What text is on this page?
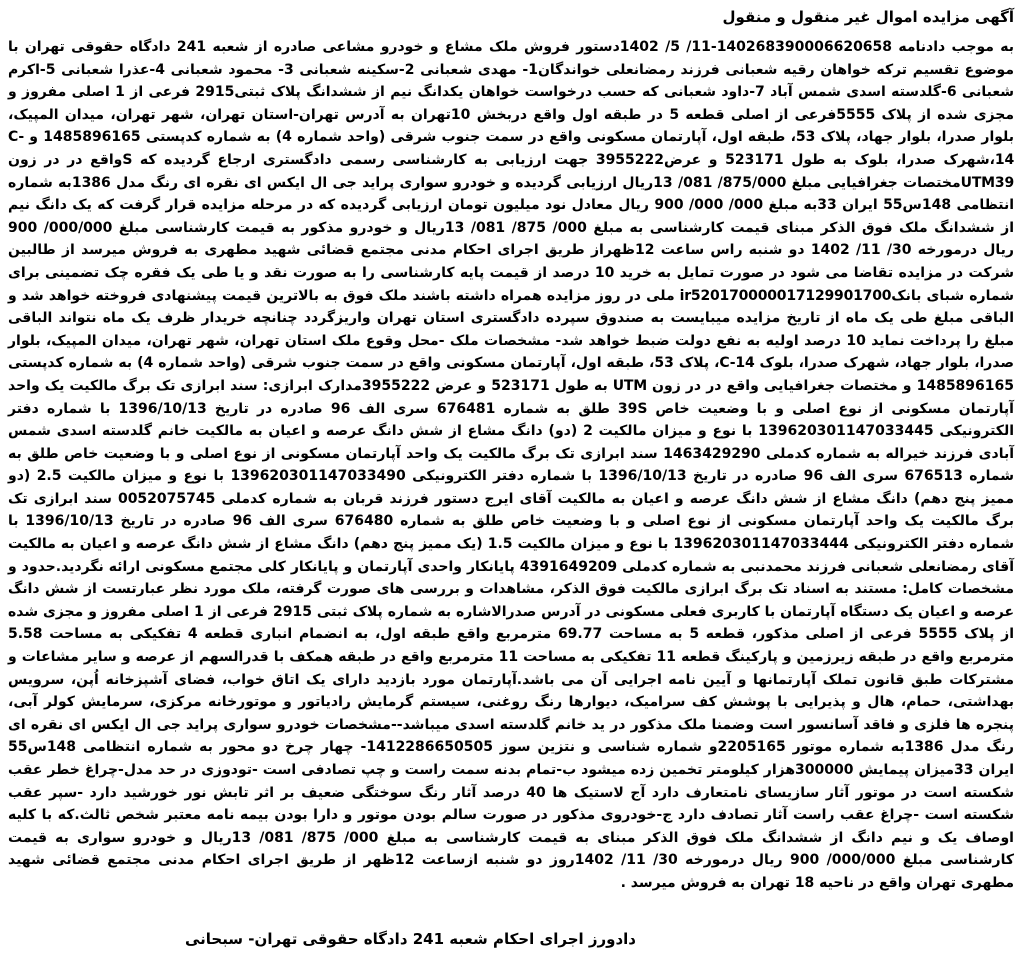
آگهی مزایده اموال غیر منقول و منقول

به موجب دادنامه 140268390006620658-11/ 5/ 1402دستور فروش ملک مشاع و خودرو مشاعی صادره از شعبه 241 دادگاه حقوقی تهران با موضوع تقسیم ترکه خواهان رقیه شعبانی فرزند رمضانعلی خواندگان1- مهدی شعبانی 2-سکینه شعبانی 3- محمود شعبانی 4-عذرا شعبانی 5-اکرم شعبانی 6-گلدسته اسدی شمس آباد 7-داود شعبانی که حسب درخواست خواهان یکدانگ نیم از ششدانگ پلاک ثبتی2915 فرعی از 1 اصلی مفروز و مجزی شده از پلاک 5555فرعی از اصلی قطعه 5 در طبقه اول واقع دربخش 10تهران به آدرس تهران-استان تهران، شهر تهران، میدان المپیک، بلوار صدرا، بلوار جهاد، پلاک 53، طبقه اول، آپارتمان مسکونی واقع در سمت جنوب شرقی (واحد شماره 4) به شماره کدپستی 1485896165 و C-14،شهرک صدرا، بلوک به طول 523171 و عرض3955222 جهت ارزیابی به کارشناسی رسمی دادگستری ارجاع گردیده که Sواقع در در زون UTM39مختصات جغرافیایی مبلغ 875/000/ 081/ 13ریال ارزیابی گردیده و خودرو سواری پراید جی ال ایکس ای نقره ای رنگ مدل 1386به شماره انتظامی 148س55 ایران 33به مبلغ 000/ 000/ 900 ریال معادل نود میلیون تومان ارزیابی گردیده که در مرحله مزایده قرار گرفت که یک دانگ نیم از ششدانگ ملک فوق الذکر مبنای قیمت کارشناسی به مبلغ 000/ 875/ 081/ 13ریال و خودرو مذکور به قیمت کارشناسی مبلغ 000/000/ 900 ریال درمورخه 30/ 11/ 1402 دو شنبه راس ساعت 12ظهراز طریق اجرای احکام مدنی مجتمع قضائی شهید مطهری به فروش میرسد از طالبین شرکت در مزایده تقاضا می شود در صورت تمایل به خرید 10 درصد از قیمت پایه کارشناسی را به صورت نقد و یا طی یک فقره چک تضمینی برای شماره شبای بانکir520170000017129901700 ملی در روز مزایده همراه داشته باشند ملک فوق به بالاترین قیمت پیشنهادی فروخته خواهد شد و الباقی مبلغ طی یک ماه از تاریخ مزایده میبایست به صندوق سپرده دادگستری استان تهران واریزگردد چنانچه خریدار ظرف یک ماه نتواند الباقی مبلغ را پرداخت نماید 10 درصد اولیه به نفع دولت ضبط خواهد شد- مشخصات ملک -محل وقوع ملک استان تهران، شهر تهران، میدان المپیک، بلوار صدرا، بلوار جهاد، شهرک صدرا، بلوک C-14، پلاک 53، طبقه اول، آپارتمان مسکونی واقع در سمت جنوب شرقی (واحد شماره 4) به شماره کدپستی 1485896165 و مختصات جغرافیایی واقع در در زون UTM به طول 523171 و عرض 3955222مدارک ابرازی: سند ابرازی تک برگ مالکیت یک واحد آپارتمان مسکونی از نوع اصلی و با وضعیت خاص 39S طلق به شماره 676481 سری الف 96 صادره در تاریخ 1396/10/13 با شماره دفتر الکترونیکی 139620301147033445 با نوع و میزان مالکیت 2 (دو) دانگ مشاع از شش دانگ عرصه و اعیان به مالکیت خانم گلدسته اسدی شمس آبادی فرزند خیراله به شماره کدملی 1463429290 سند ابرازی تک برگ مالکیت یک واحد آپارتمان مسکونی از نوع اصلی و با وضعیت خاص طلق به شماره 676513 سری الف 96 صادره در تاریخ 1396/10/13 با شماره دفتر الکترونیکی 139620301147033490 با نوع و میزان مالکیت 2.5 (دو ممیز پنج دهم) دانگ مشاع از شش دانگ عرصه و اعیان به مالکیت آقای ایرج دستور فرزند قربان به شماره کدملی 0052075745 سند ابرازی تک برگ مالکیت یک واحد آپارتمان مسکونی از نوع اصلی و با وضعیت خاص طلق به شماره 676480 سری الف 96 صادره در تاریخ 1396/10/13 با شماره دفتر الکترونیکی 139620301147033444 با نوع و میزان مالکیت 1.5 (یک ممیز پنج دهم) دانگ مشاع از شش دانگ عرصه و اعیان به مالکیت آقای رمضانعلی شعبانی فرزند محمدنبی به شماره کدملی 4391649209 پایانکار واحدی آپارتمان و پایانکار کلی مجتمع مسکونی ارائه نگردید.حدود و مشخصات کامل: مستند به اسناد تک برگ ابرازی مالکیت فوق الذکر، مشاهدات و بررسی های صورت گرفته، ملک مورد نظر عبارتست از شش دانگ عرصه و اعیان یک دستگاه آپارتمان با کاربری فعلی مسکونی در آدرس صدرالاشاره به شماره پلاک ثبتی 2915 فرعی از 1 اصلی مفروز و مجزی شده از پلاک 5555 فرعی از اصلی مذکور، قطعه 5 به مساحت 69.77 مترمربع واقع طبقه اول، به انضمام انباری قطعه 4 تفکیکی به مساحت 5.58 مترمربع واقع در طبقه زیرزمین و پارکینگ قطعه 11 تفکیکی به مساحت 11 مترمربع واقع در طبقه همکف با قدرالسهم از عرصه و سایر مشاعات و مشترکات طبق قانون تملک آپارتمانها و آیین نامه اجرایی آن می باشد.آپارتمان مورد بازدید دارای یک اتاق خواب، فضای آشپزخانه اُپن، سرویس بهداشتی، حمام، هال و پذیرایی با پوشش کف سرامیک، دیوارها رنگ روغنی، سیستم گرمایش رادیاتور و موتورخانه مرکزی، سرمایش کولر آبی، پنجره ها فلزی و فاقد آسانسور است وضمنا ملک مذکور در ید خانم گلدسته اسدی میباشد--مشخصات خودرو سواری پراید جی ال ایکس ای نقره ای رنگ مدل 1386به شماره موتور 2205165و شماره شناسی و نتزین سوز 1412286650505- چهار چرخ دو محور به شماره انتظامی 148س55 ایران 33میزان پیمایش 300000هزار کیلومتر تخمین زده میشود ب-تمام بدنه سمت راست و چپ تصادفی است -تودوزی در حد مدل-چراغ خطر عقب شکسته است در موتور آثار سازیسای نامتعارف دارد آج لاستیک ها 40 درصد آثار رنگ سوختگی ضعیف بر اثر تابش نور خورشید دارد -سپر عقب شکسته است -چراغ عقب راست آثار تصادف دارد ج-خودروی مذکور در صورت سالم بودن موتور و دارا بودن بیمه نامه معتبر شخص ثالث.که با کلیه اوصاف یک و نیم دانگ از ششدانگ ملک فوق الذکر مبنای به قیمت کارشناسی به مبلغ 000/ 875/ 081/ 13ریال و خودرو سواری به قیمت کارشناسی مبلغ 000/000/ 900 ریال درمورخه 30/ 11/ 1402روز دو شنبه ازساعت 12ظهر از طریق اجرای احکام مدنی مجتمع قضائی شهید مطهری تهران واقع در ناحیه 18 تهران به فروش میرسد .

دادورز اجرای احکام شعبه 241 دادگاه حقوقی تهران- سبحانی
